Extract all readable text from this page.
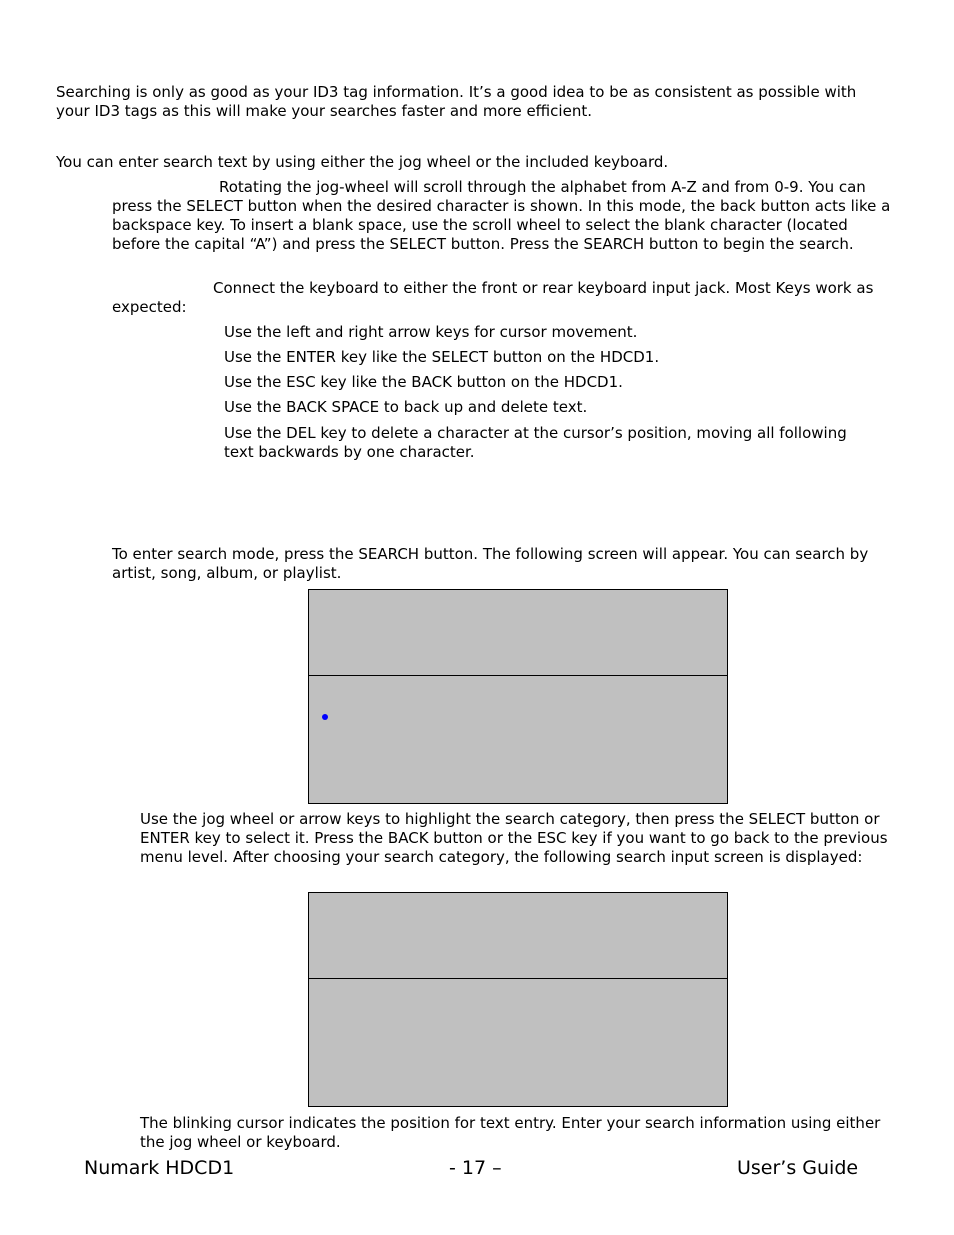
Searching is only as good as your ID3 tag information. It’s a good idea to be as consistent as possible with your ID3 tags as this will make your searches faster and more efficient.

You can enter search text by using either the jog wheel or the included keyboard.

Rotating the jog-wheel will scroll through the alphabet from A-Z and from 0-9. You can press the SELECT button when the desired character is shown. In this mode, the back button acts like a backspace key. To insert a blank space, use the scroll wheel to select the blank character (located before the capital “A”) and press the SELECT button. Press the SEARCH button to begin the search.

Connect the keyboard to either the front or rear keyboard input jack. Most Keys work as expected:

Use the left and right arrow keys for cursor movement.

Use the ENTER key like the SELECT button on the HDCD1.

Use the ESC key like the BACK button on the HDCD1.

Use the BACK SPACE to back up and delete text.

Use the DEL key to delete a character at the cursor’s position, moving all following text backwards by one character.

To enter search mode, press the SEARCH button. The following screen will appear. You can search by artist, song, album, or playlist.

Use the jog wheel or arrow keys to highlight the search category, then press the SELECT button or ENTER key to select it. Press the BACK button or the ESC key if you want to go back to the previous menu level. After choosing your search category, the following search input screen is displayed:

The blinking cursor indicates the position for text entry. Enter your search information using either the jog wheel or keyboard.

Numark HDCD1	- 17 –	User’s Guide
